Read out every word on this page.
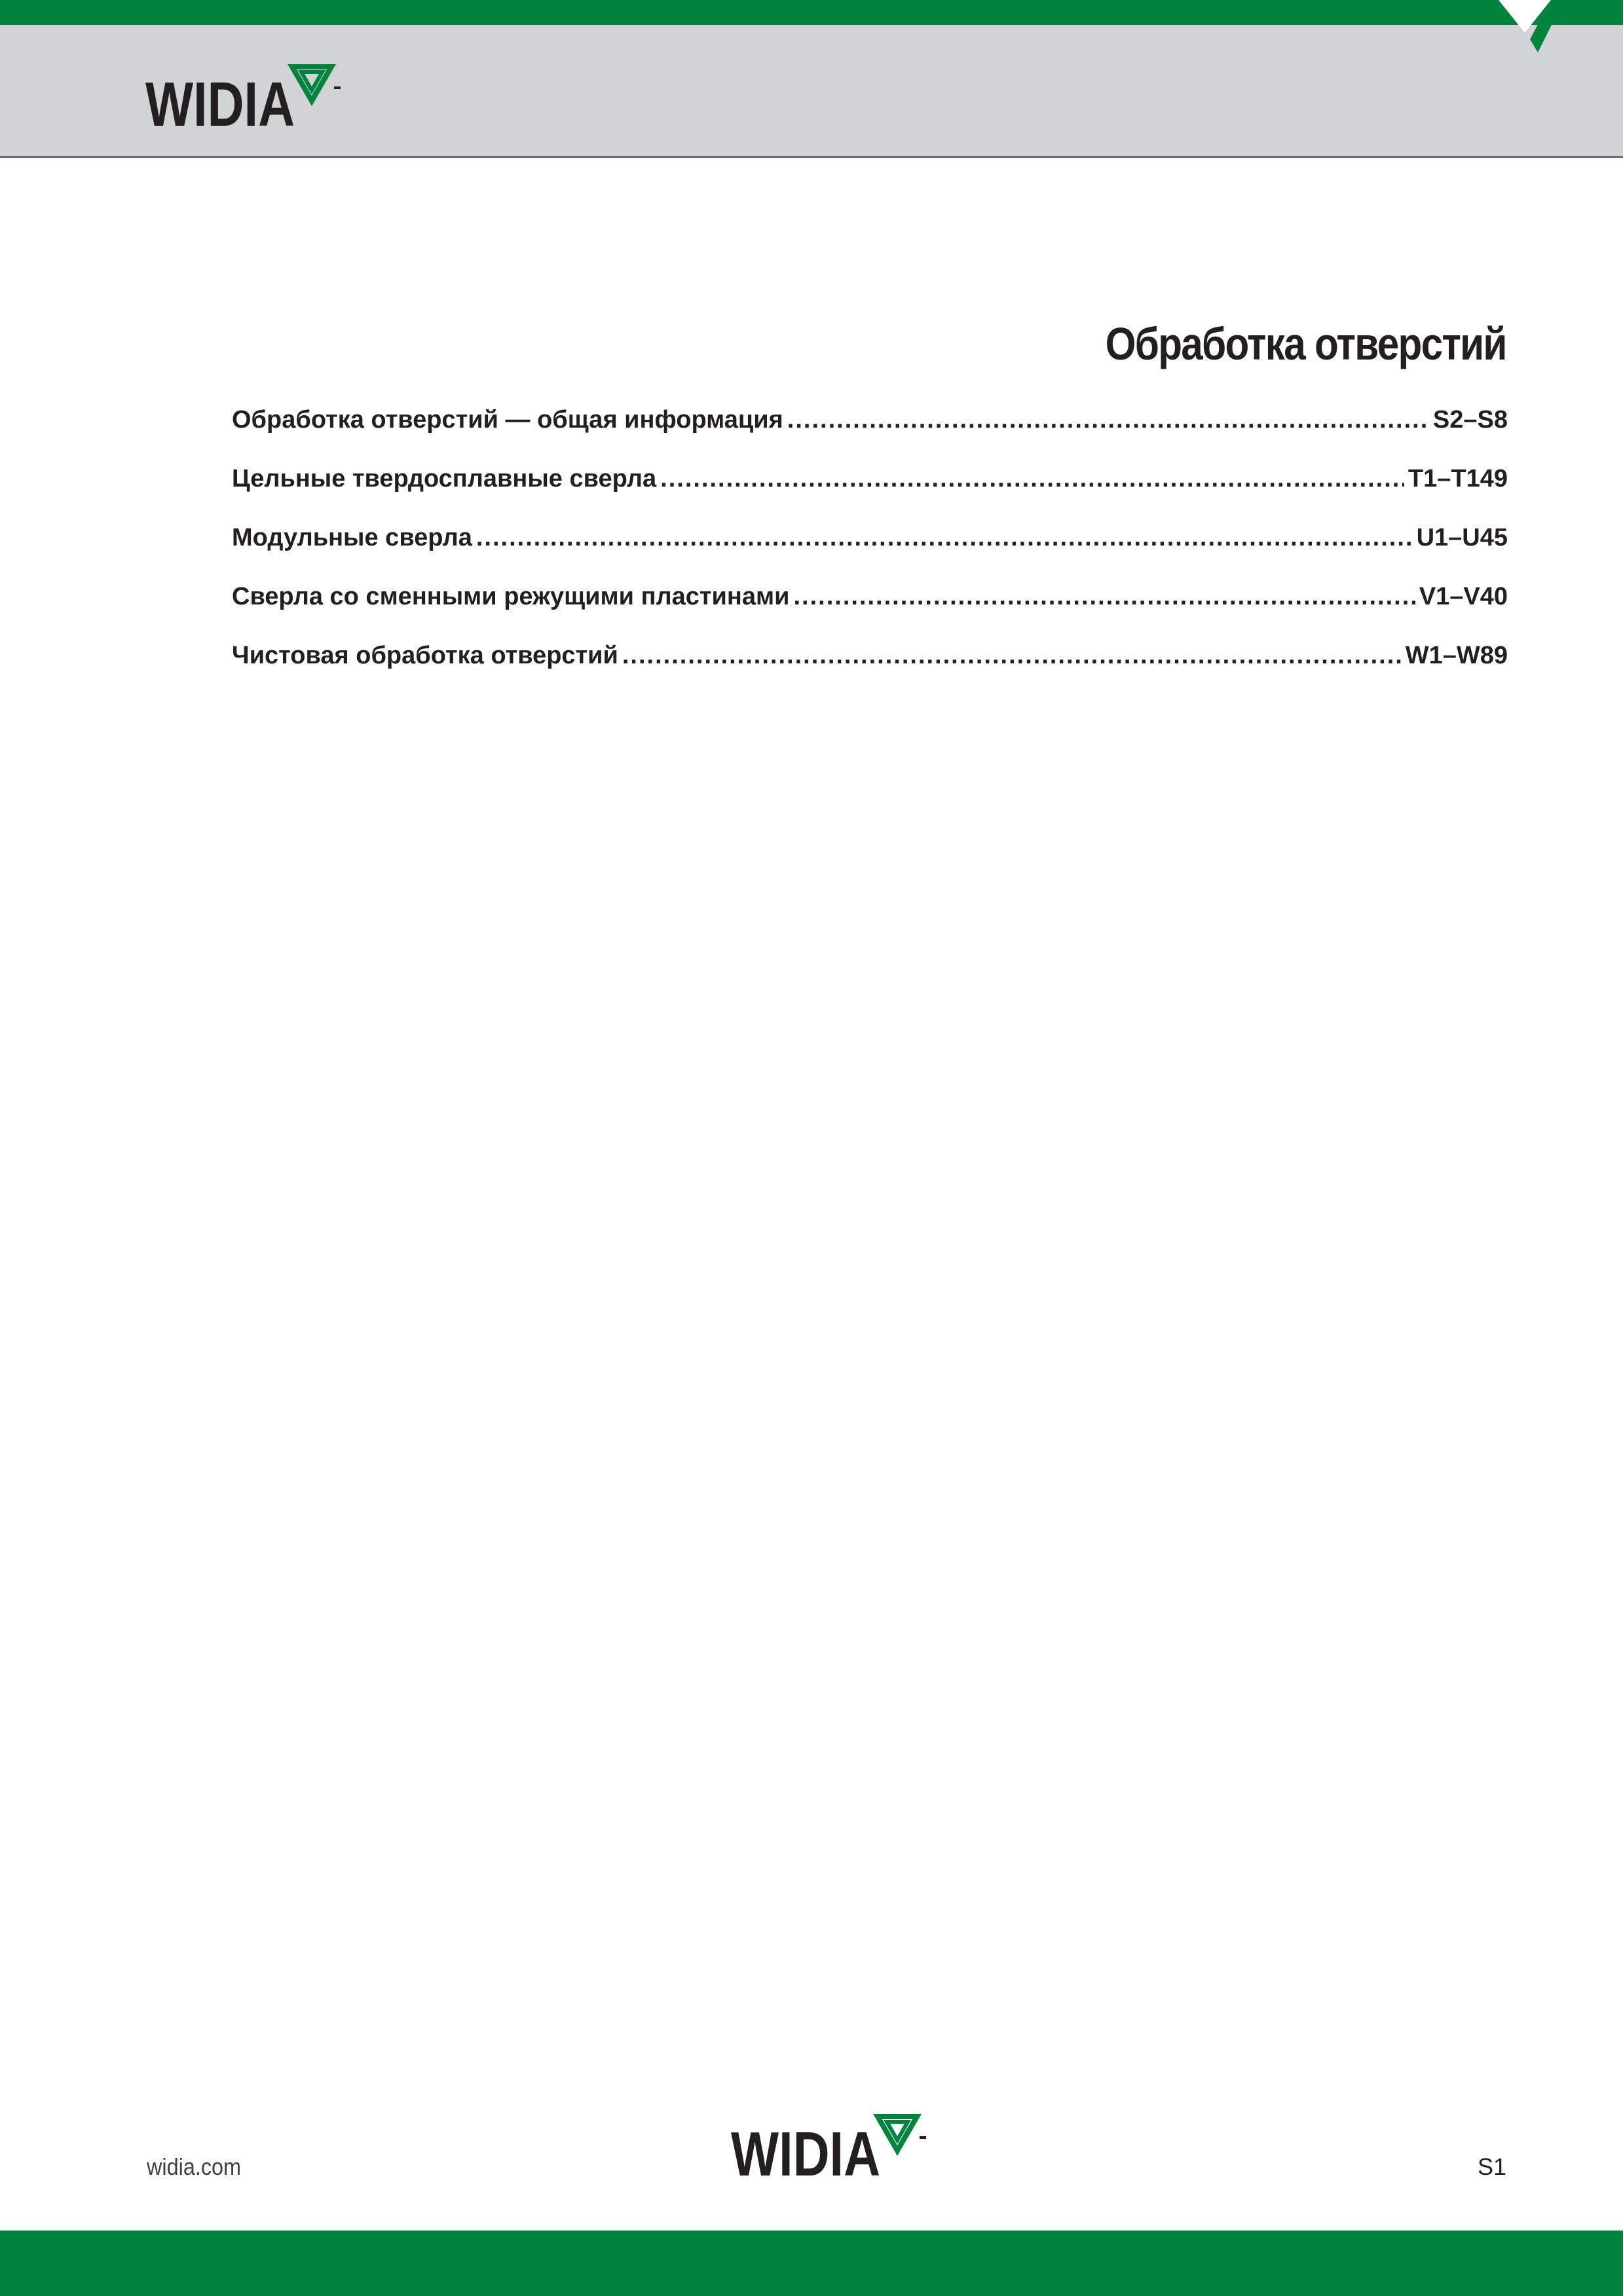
WIDIA
Обработка отверстий
Обработка отверстий — общая информация .....	S2–S8
Цельные твердосплавные сверла .....	T1–T149
Модульные сверла .....	U1–U45
Сверла со сменными режущими пластинами .....	V1–V40
Чистовая обработка отверстий .....	W1–W89
widia.com	WIDIA	S1
